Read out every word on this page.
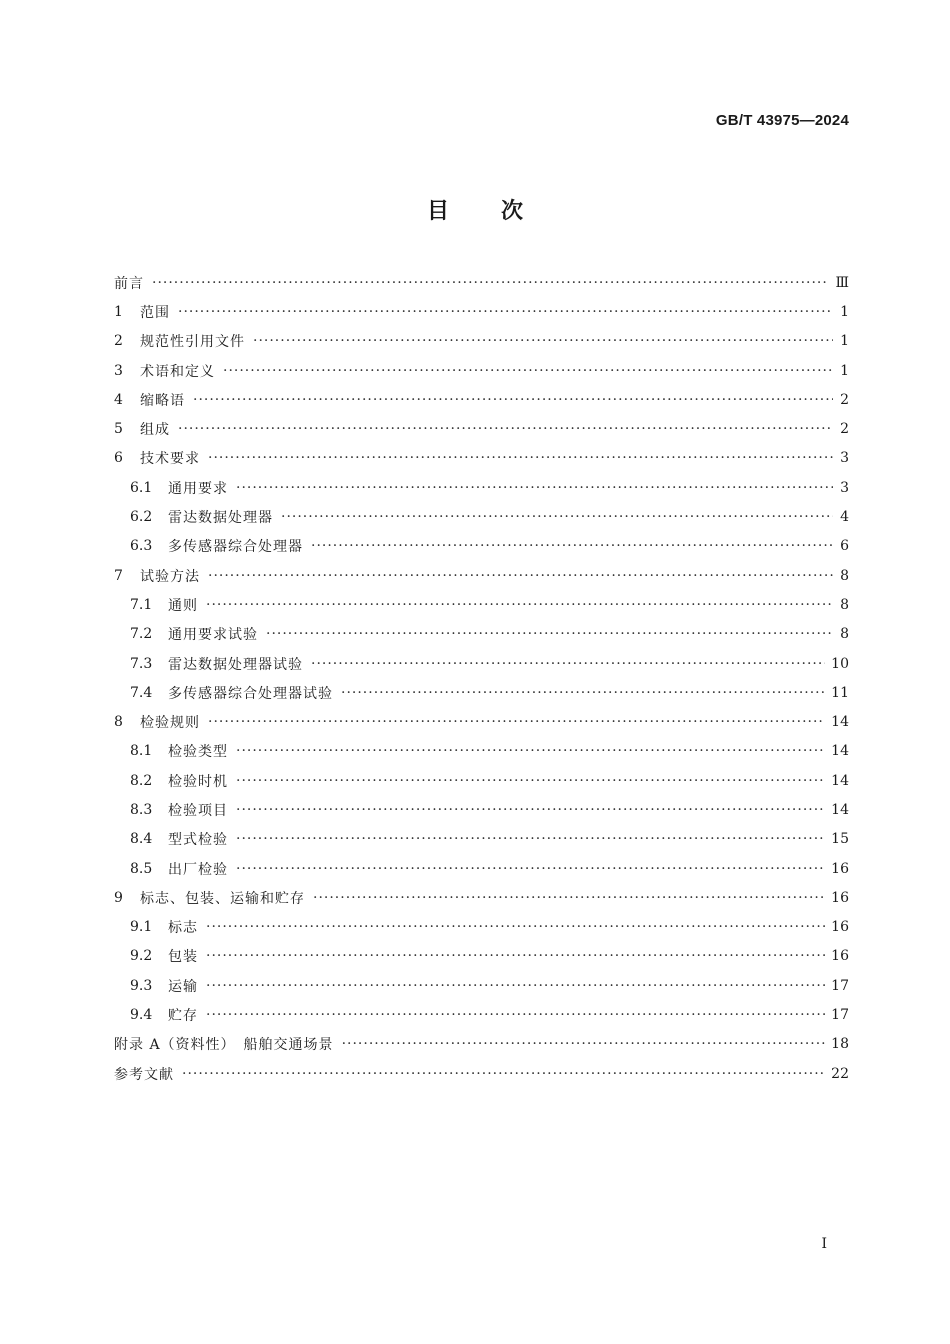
GB/T 43975—2024
目 次
前言 ·····	Ⅲ
1	范围 ·····	1
2	规范性引用文件 ·····	1
3	术语和定义 ·····	1
4	缩略语 ·····	2
5	组成 ·····	2
6	技术要求 ·····	3
6.1	通用要求 ·····	3
6.2	雷达数据处理器 ·····	4
6.3	多传感器综合处理器 ·····	6
7	试验方法 ·····	8
7.1	通则 ·····	8
7.2	通用要求试验 ·····	8
7.3	雷达数据处理器试验 ·····	10
7.4	多传感器综合处理器试验 ·····	11
8	检验规则 ·····	14
8.1	检验类型 ·····	14
8.2	检验时机 ·····	14
8.3	检验项目 ·····	14
8.4	型式检验 ·····	15
8.5	出厂检验 ·····	16
9	标志、包装、运输和贮存 ·····	16
9.1	标志 ·····	16
9.2	包装 ·····	16
9.3	运输 ·····	17
9.4	贮存 ·····	17
附录 A（资料性）　船舶交通场景 ·····	18
参考文献 ·····	22
Ⅰ
